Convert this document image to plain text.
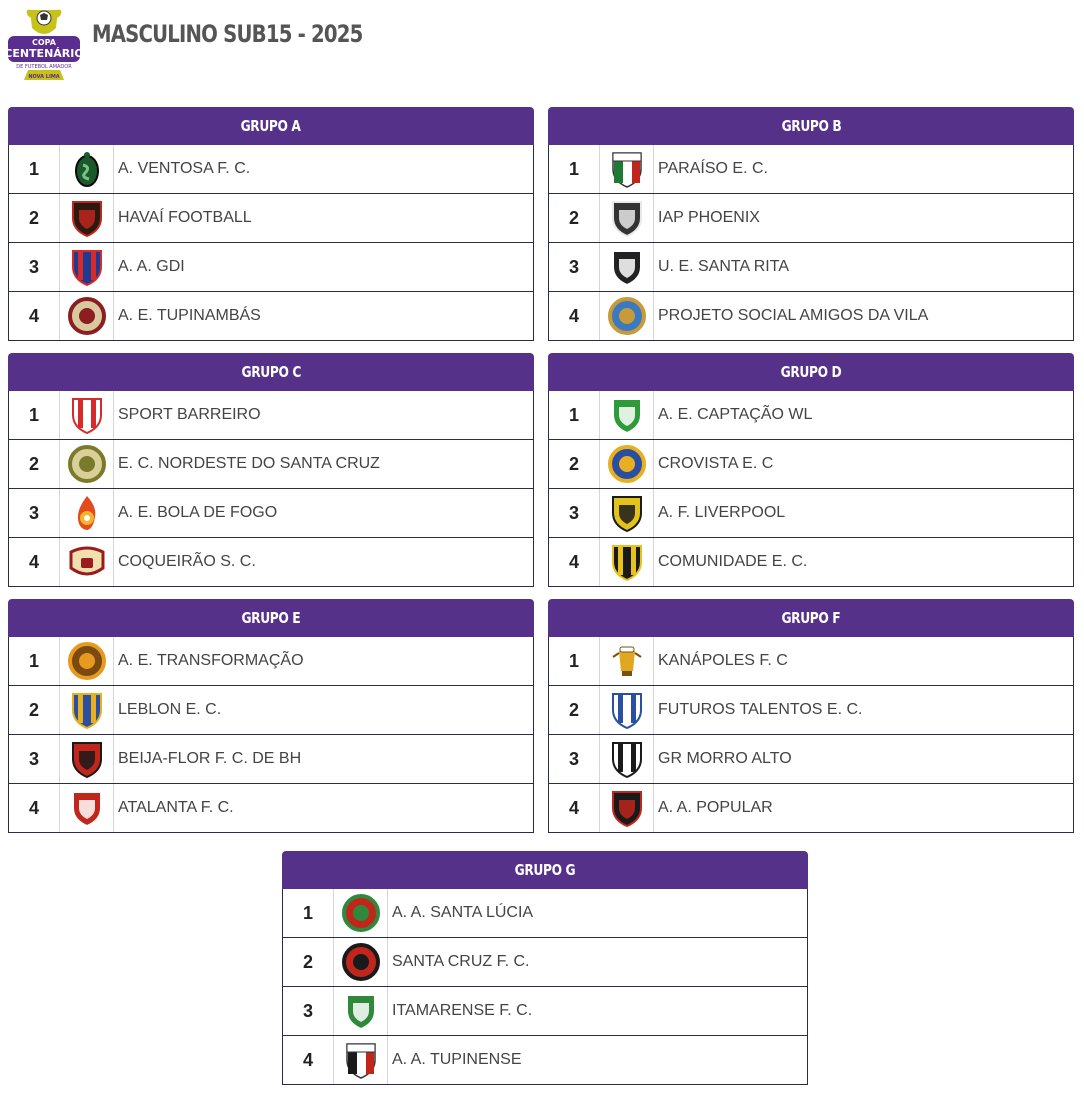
COPA
CENTENÁRIO
DE FUTEBOL AMADOR
NOVA LIMA
MASCULINO SUB15 - 2025
GRUPO A
1	A. VENTOSA F. C.
2	HAVAÍ FOOTBALL
3	A. A. GDI
4	A. E. TUPINAMBÁS
GRUPO B
1	PARAÍSO E. C.
2	IAP PHOENIX
3	U. E. SANTA RITA
4	PROJETO SOCIAL AMIGOS DA VILA
GRUPO C
1	SPORT BARREIRO
2	E. C. NORDESTE DO SANTA CRUZ
3	A. E. BOLA DE FOGO
4	COQUEIRÃO S. C.
GRUPO D
1	A. E. CAPTAÇÃO WL
2	CROVISTA E. C
3	A. F. LIVERPOOL
4	COMUNIDADE E. C.
GRUPO E
1	A. E. TRANSFORMAÇÃO
2	LEBLON E. C.
3	BEIJA-FLOR F. C. DE BH
4	ATALANTA F. C.
GRUPO F
1	KANÁPOLES F. C
2	FUTUROS TALENTOS E. C.
3	GR MORRO ALTO
4	A. A. POPULAR
GRUPO G
1	A. A. SANTA LÚCIA
2	SANTA CRUZ F. C.
3	ITAMARENSE F. C.
4	A. A. TUPINENSE
